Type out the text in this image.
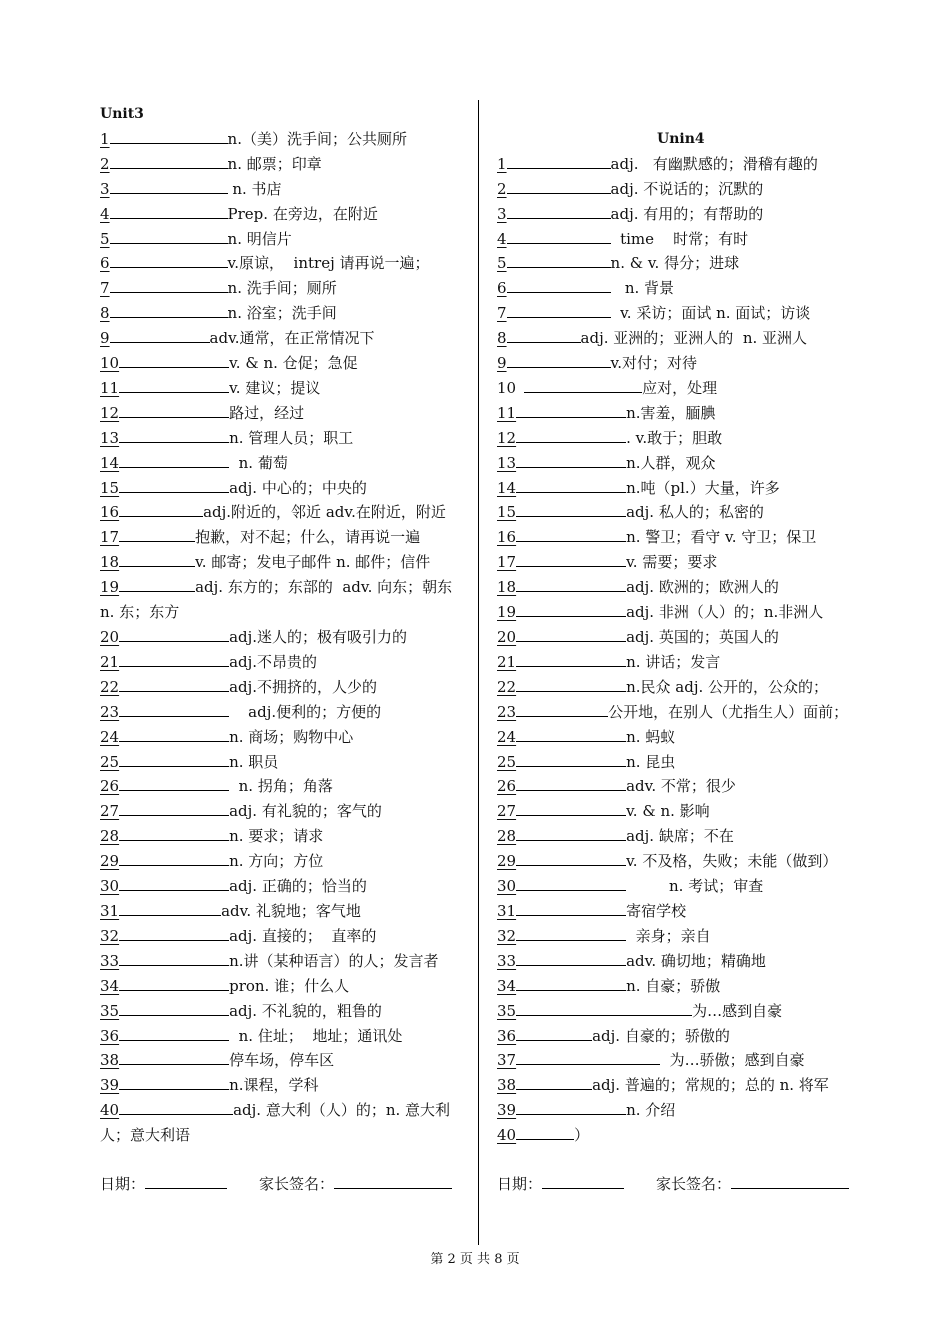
Unit3
1	n.（美）洗手间；公共厕所
2	n. 邮票；印章
3	n. 书店
4	Prep. 在旁边，在附近
5	n. 明信片
6	v.原谅，  intrej 请再说一遍；
7	n. 洗手间；厕所
8	n. 浴室；洗手间
9	adv.通常，在正常情况下
10	v. & n. 仓促；急促
11	v. 建议；提议
12	路过，经过
13	n. 管理人员；职工
14	n. 葡萄
15	adj. 中心的；中央的
16	adj.附近的，邻近 adv.在附近，附近
17	抱歉，对不起；什么，请再说一遍
18	v. 邮寄；发电子邮件 n. 邮件；信件
19	adj. 东方的；东部的  adv. 向东；朝东  n. 东；东方
20	adj.迷人的；极有吸引力的
21	adj.不昂贵的
22	adj.不拥挤的，人少的
23	adj.便利的；方便的
24	n. 商场；购物中心
25	n. 职员
26	n. 拐角；角落
27	adj. 有礼貌的；客气的
28	n. 要求；请求
29	n. 方向；方位
30	adj. 正确的；恰当的
31	adv. 礼貌地；客气地
32	adj. 直接的；  直率的
33	n.讲（某种语言）的人；发言者
34	pron. 谁；什么人
35	adj. 不礼貌的，粗鲁的
36	n. 住址；  地址；通讯处
38	停车场，停车区
39	n.课程，学科
40	adj. 意大利（人）的；n. 意大利人；意大利语
日期：	家长签名：
Unin4
1	adj.   有幽默感的；滑稽有趣的
2	adj. 不说话的；沉默的
3	adj. 有用的；有帮助的
4	time    时常；有时
5	n. & v. 得分；进球
6	n. 背景
7	v. 采访；面试 n. 面试；访谈
8	adj. 亚洲的；亚洲人的  n. 亚洲人
9	v.对付；对待
10	应对，处理
11	n.害羞，腼腆
12	. v.敢于；胆敢
13	n.人群，观众
14	n.吨（pl.）大量，许多
15	adj. 私人的；私密的
16	n. 警卫；看守 v. 守卫；保卫
17	v. 需要；要求
18	adj. 欧洲的；欧洲人的
19	adj. 非洲（人）的；n.非洲人
20	adj. 英国的；英国人的
21	n. 讲话；发言
22	n.民众 adj. 公开的，公众的；
23	公开地，在别人（尤指生人）面前；
24	n. 蚂蚁
25	n. 昆虫
26	adv. 不常；很少
27	v. & n. 影响
28	adj. 缺席；不在
29	v. 不及格，失败；未能（做到）
30	n. 考试；审查
31	寄宿学校
32	亲身；亲自
33	adv. 确切地；精确地
34	n. 自豪；骄傲
35	为…感到自豪
36	adj. 自豪的；骄傲的
37	为…骄傲；感到自豪
38	adj. 普遍的；常规的；总的 n. 将军
39	n. 介绍
40	）
日期：	家长签名：
第 2 页 共 8 页
